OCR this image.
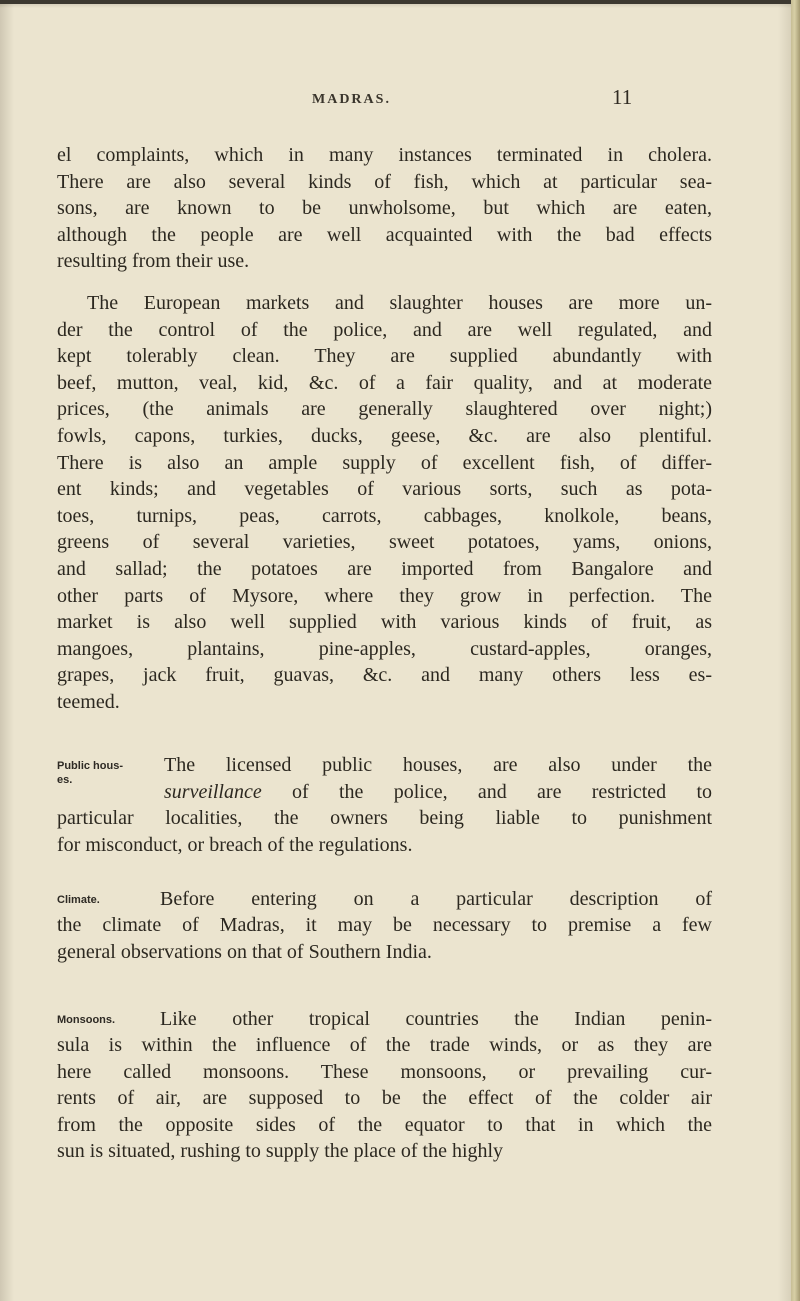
MADRAS.	11
el complaints, which in many instances terminated in cholera.
There are also several kinds of fish, which at particular sea-
sons, are known to be unwholsome, but which are eaten,
although the people are well acquainted with the bad effects
resulting from their use.
The European markets and slaughter houses are more un-
der the control of the police, and are well regulated, and
kept tolerably clean. They are supplied abundantly with
beef, mutton, veal, kid, &c. of a fair quality, and at moderate
prices, (the animals are generally slaughtered over night;)
fowls, capons, turkies, ducks, geese, &c. are also plentiful.
There is also an ample supply of excellent fish, of differ-
ent kinds; and vegetables of various sorts, such as pota-
toes, turnips, peas, carrots, cabbages, knolkole, beans,
greens of several varieties, sweet potatoes, yams, onions,
and sallad; the potatoes are imported from Bangalore and
other parts of Mysore, where they grow in perfection. The
market is also well supplied with various kinds of fruit, as
mangoes, plantains, pine-apples, custard-apples, oranges,
grapes, jack fruit, guavas, &c. and many others less es-
teemed.
Public hous-
es.
The licensed public houses, are also under the
surveillance of the police, and are restricted to
particular localities, the owners being liable to punishment
for misconduct, or breach of the regulations.
Climate.	Before entering on a particular description of
the climate of Madras, it may be necessary to premise a few
general observations on that of Southern India.
Monsoons. Like other tropical countries the Indian penin-
sula is within the influence of the trade winds, or as they are
here called monsoons. These monsoons, or prevailing cur-
rents of air, are supposed to be the effect of the colder air
from the opposite sides of the equator to that in which the
sun is situated, rushing to supply the place of the highly
